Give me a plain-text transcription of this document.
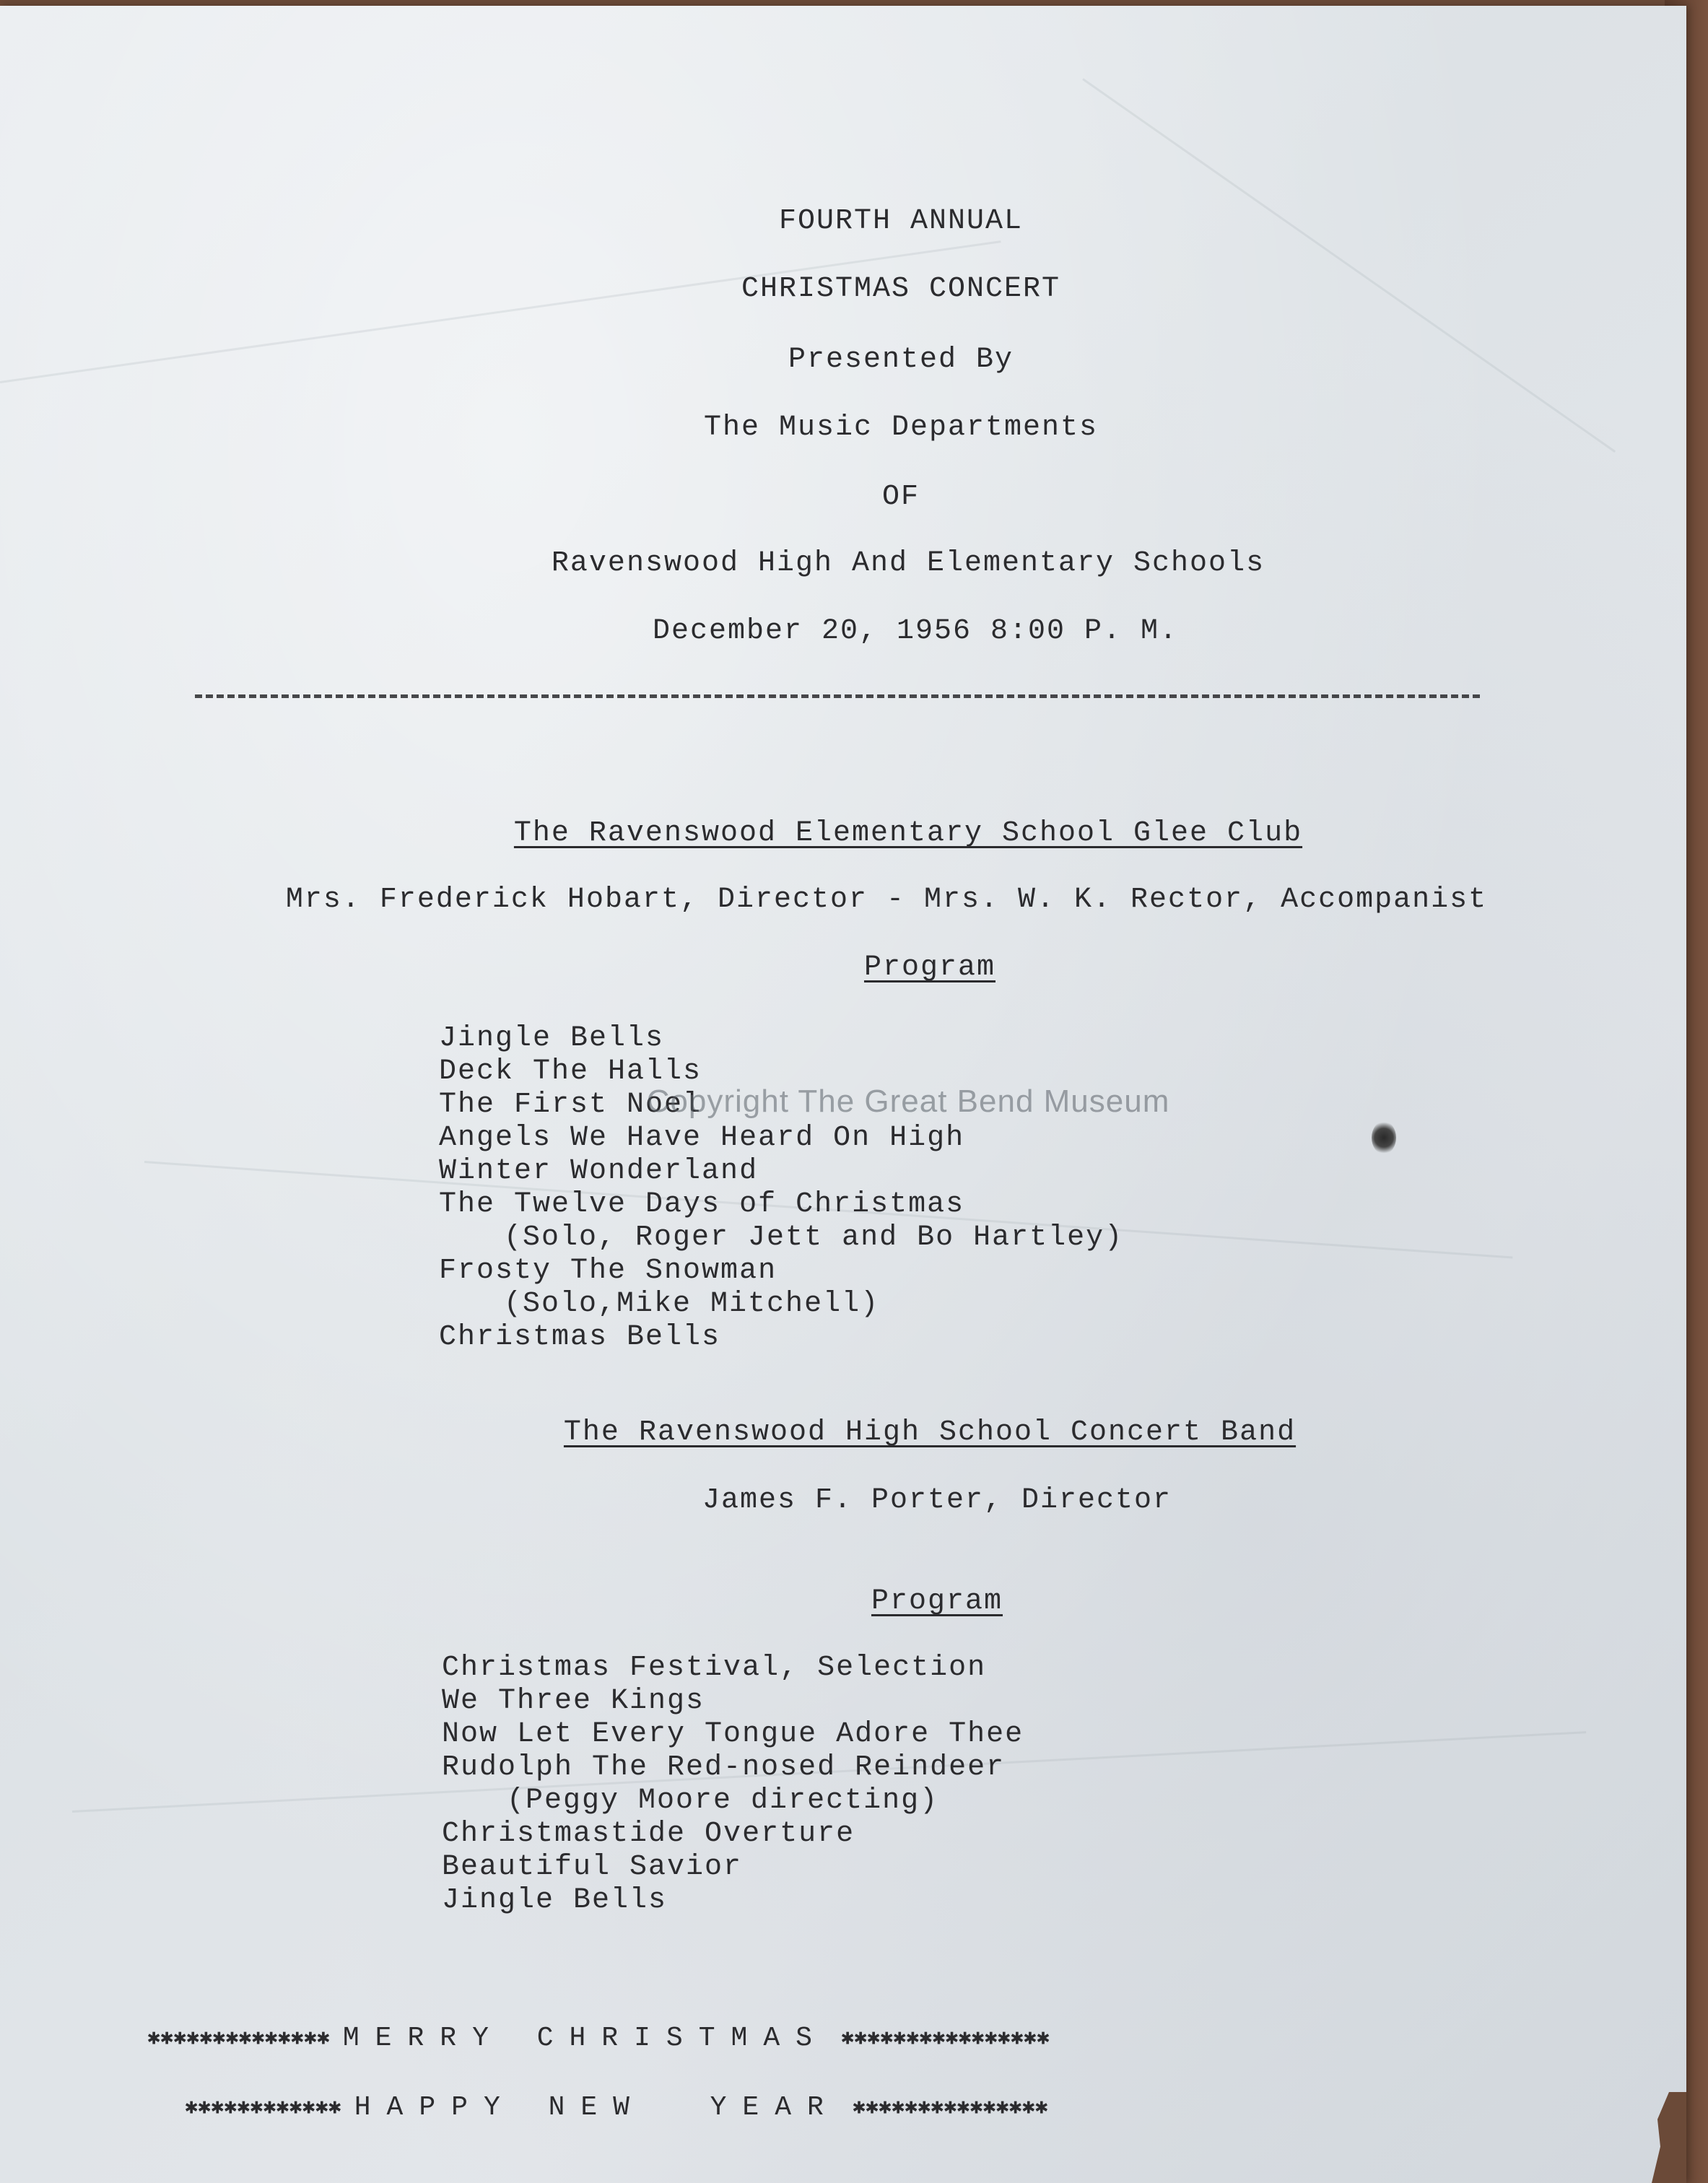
FOURTH ANNUAL
CHRISTMAS CONCERT
Presented By
The Music Departments
OF
Ravenswood High And Elementary Schools
December 20, 1956 8:00 P. M.
The Ravenswood Elementary School Glee Club
Mrs. Frederick Hobart, Director - Mrs. W. K. Rector, Accompanist
Program
Jingle Bells
Deck The Halls
The First Noel
Angels We Have Heard On High
Winter Wonderland
The Twelve Days of Christmas
(Solo, Roger Jett and Bo Hartley)
Frosty The Snowman
(Solo,Mike Mitchell)
Christmas Bells
The Ravenswood High School Concert Band
James F. Porter, Director
Program
Christmas Festival, Selection
We Three Kings
Now Let Every Tongue Adore Thee
Rudolph The Red-nosed Reindeer
(Peggy Moore directing)
Christmastide Overture
Beautiful Savior
Jingle Bells
✱✱✱✱✱✱✱✱✱✱✱✱✱✱ MERRY CHRISTMAS ✱✱✱✱✱✱✱✱✱✱✱✱✱✱✱✱
✱✱✱✱✱✱✱✱✱✱✱✱ HAPPY NEW  YEAR ✱✱✱✱✱✱✱✱✱✱✱✱✱✱✱
Copyright The Great Bend Museum
